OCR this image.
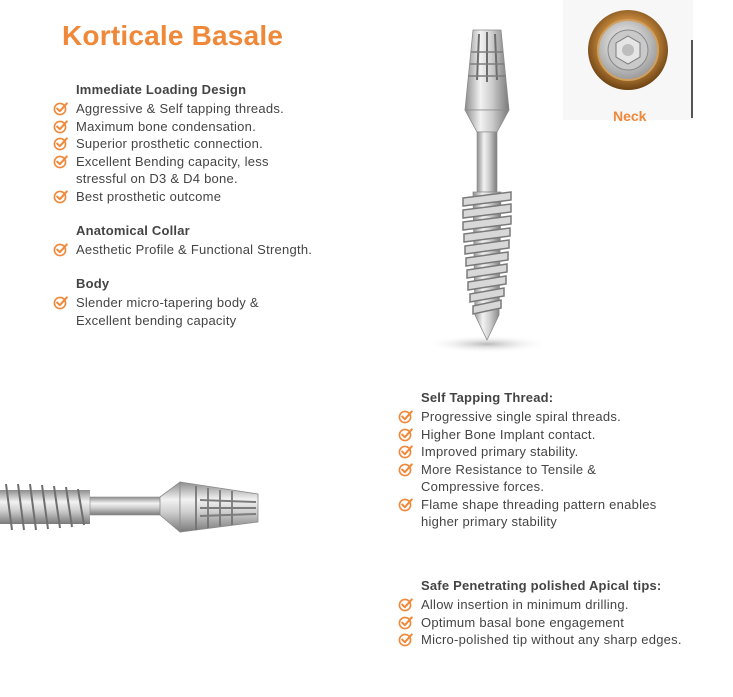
Korticale Basale
Neck
Immediate Loading Design
Aggressive & Self tapping threads.
Maximum bone condensation.
Superior prosthetic connection.
Excellent Bending capacity, less stressful on D3 & D4 bone.
Best prosthetic outcome
Anatomical Collar
Aesthetic Profile & Functional Strength.
Body
Slender micro-tapering body & Excellent bending capacity
Self Tapping Thread:
Progressive single spiral threads.
Higher Bone Implant contact.
Improved primary stability.
More Resistance to Tensile & Compressive forces.
Flame shape threading pattern enables higher primary stability
Safe Penetrating polished Apical tips:
Allow insertion in minimum drilling.
Optimum basal bone engagement
Micro-polished tip without any sharp edges.
